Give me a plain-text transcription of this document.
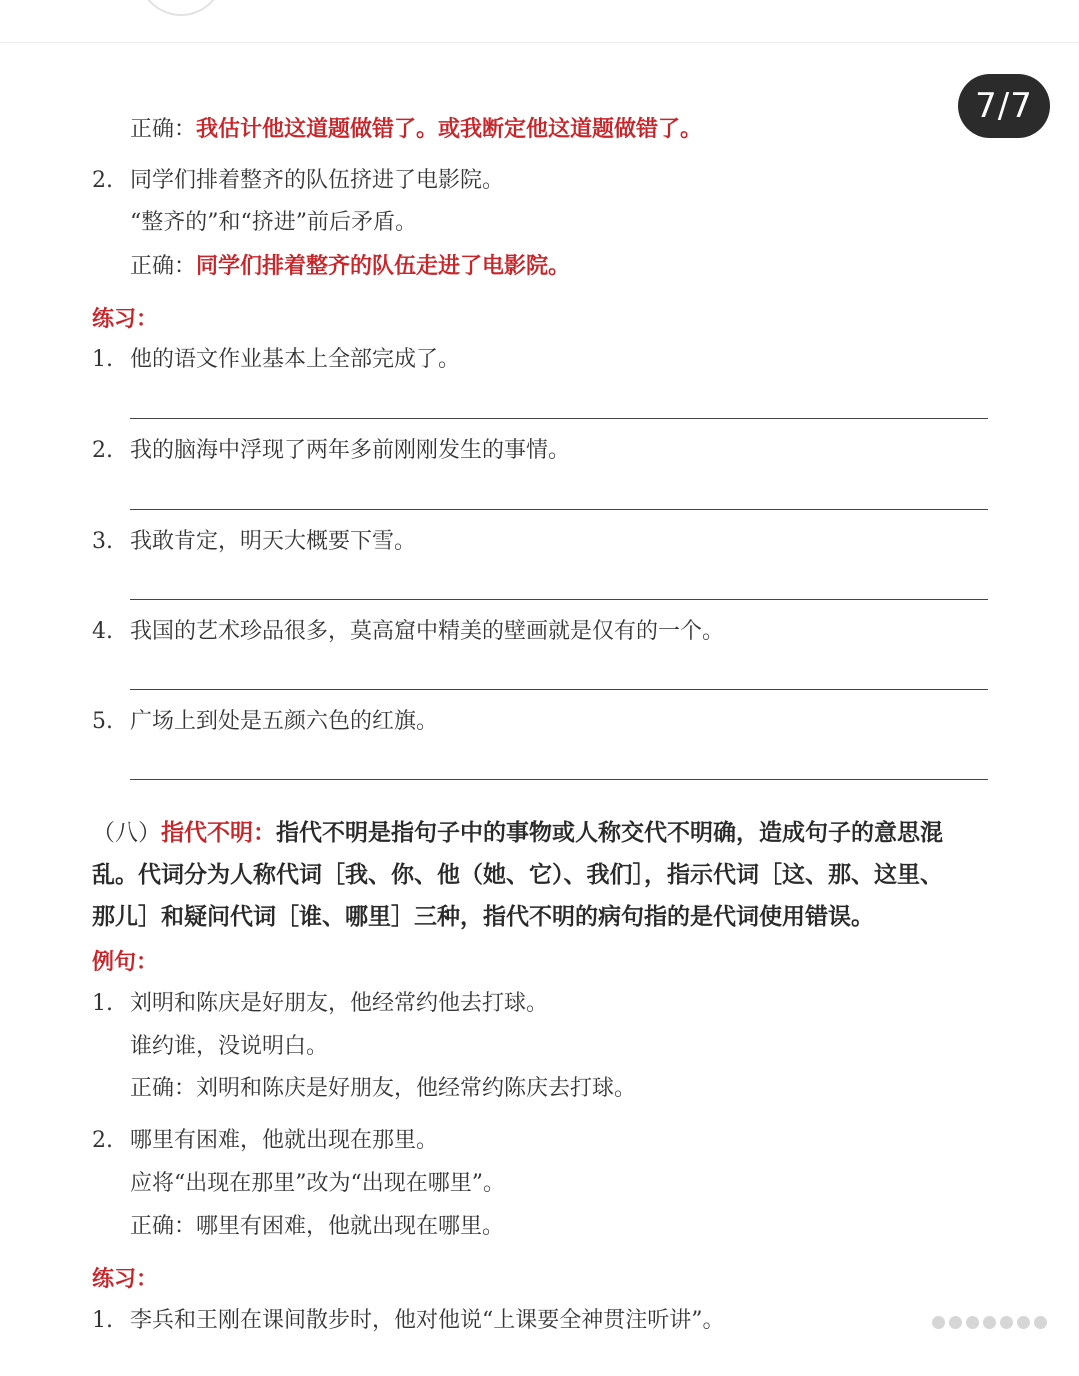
7/7
正确：我估计他这道题做错了。或我断定他这道题做错了。
2. 同学们排着整齐的队伍挤进了电影院。
“整齐的”和“挤进”前后矛盾。
正确：同学们排着整齐的队伍走进了电影院。
练习：
1. 他的语文作业基本上全部完成了。
2. 我的脑海中浮现了两年多前刚刚发生的事情。
3. 我敢肯定，明天大概要下雪。
4. 我国的艺术珍品很多，莫高窟中精美的壁画就是仅有的一个。
5. 广场上到处是五颜六色的红旗。
（八）指代不明：指代不明是指句子中的事物或人称交代不明确，造成句子的意思混
乱。代词分为人称代词［我、你、他（她、它）、我们］，指示代词［这、那、这里、
那儿］和疑问代词［谁、哪里］三种，指代不明的病句指的是代词使用错误。
例句：
1. 刘明和陈庆是好朋友，他经常约他去打球。
谁约谁，没说明白。
正确：刘明和陈庆是好朋友，他经常约陈庆去打球。
2. 哪里有困难，他就出现在那里。
应将“出现在那里”改为“出现在哪里”。
正确：哪里有困难，他就出现在哪里。
练习：
1. 李兵和王刚在课间散步时，他对他说“上课要全神贯注听讲”。
